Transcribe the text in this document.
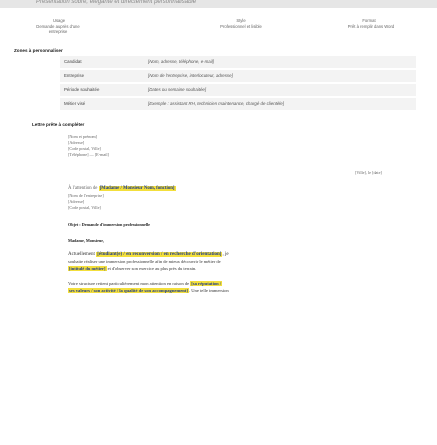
Présentation sobre, élégante et directement personnalisable
Usage
Demande auprès d'une entreprise
Style
Professionnel et lisible
Format
Prêt à remplir dans Word
Zones à personnaliser
Candidat	[Nom, adresse, téléphone, e-mail]
Entreprise	[Nom de l'entreprise, interlocuteur, adresse]
Période souhaitée	[Dates ou semaine souhaitée]
Métier visé	[Exemple : assistant RH, technicien maintenance, chargé de clientèle]
Lettre prête à compléter
[Nom et prénom]
[Adresse]
[Code postal, Ville]
[Téléphone] — [E-mail]
[Ville], le [date]
À l'attention de [Madame / Monsieur Nom, fonction]
[Nom de l'entreprise]
[Adresse]
[Code postal, Ville]
Objet : Demande d'immersion professionnelle
Madame, Monsieur,
Actuellement [étudiant(e) / en reconversion / en recherche d'orientation], je
souhaite réaliser une immersion professionnelle afin de mieux découvrir le métier de
[intitulé du métier] et d'observer son exercice au plus près du terrain.
Votre structure retient particulièrement mon attention en raison de [sa réputation /
ses valeurs / son activité / la qualité de son accompagnement]. Une telle immersion
